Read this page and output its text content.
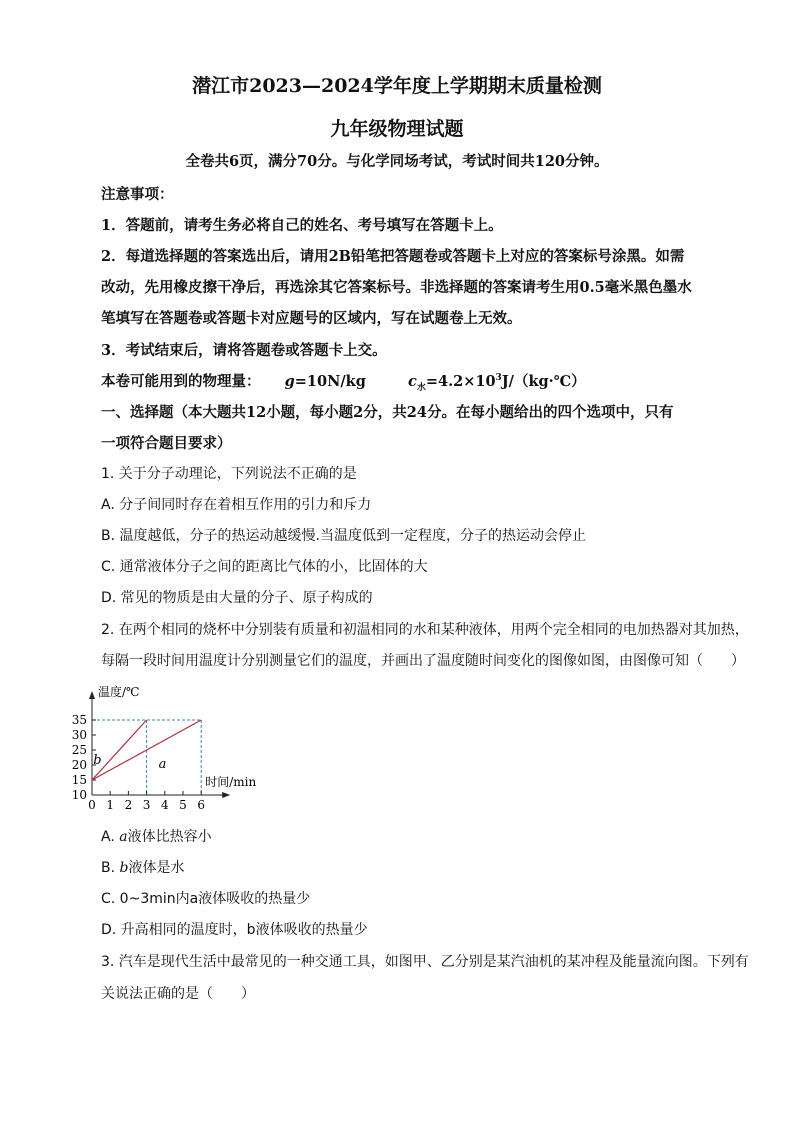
潜江市2023—2024学年度上学期期末质量检测
九年级物理试题
全卷共6页，满分70分。与化学同场考试，考试时间共120分钟。
注意事项：
1．答题前，请考生务必将自己的姓名、考号填写在答题卡上。
2．每道选择题的答案选出后，请用2B铅笔把答题卷或答题卡上对应的答案标号涂黑。如需
改动，先用橡皮擦干净后，再选涂其它答案标号。非选择题的答案请考生用0.5毫米黑色墨水
笔填写在答题卷或答题卡对应题号的区域内，写在试题卷上无效。
3．考试结束后，请将答题卷或答题卡上交。
本卷可能用到的物理量： g=10N/kg	$c_水=4.2\times 10^3J/(kg\cdot℃)$
一、选择题（本大题共12小题，每小题2分，共24分。在每小题给出的四个选项中，只有
一项符合题目要求）
1. 关于分子动理论，下列说法不正确的是
A. 分子间同时存在着相互作用的引力和斥力
B. 温度越低，分子的热运动越缓慢.当温度低到一定程度，分子的热运动会停止
C. 通常液体分子之间的距离比气体的小，比固体的大
D. 常见的物质是由大量的分子、原子构成的
2. 在两个相同的烧杯中分别装有质量和初温相同的水和某种液体，用两个完全相同的电加热器对其加热，
每隔一段时间用温度计分别测量它们的温度，并画出了温度随时间变化的图像如图，由图像可知（　　）
10
15
20
25
30
35
0 1 2 3 4 5 6
b	a
温度/℃
时间/min
A. a液体比热容小
B. b液体是水
C. 0~3min内a液体吸收的热量少
D. 升高相同的温度时，b液体吸收的热量少
3. 汽车是现代生活中最常见的一种交通工具，如图甲、乙分别是某汽油机的某冲程及能量流向图。下列有
关说法正确的是（　　）
